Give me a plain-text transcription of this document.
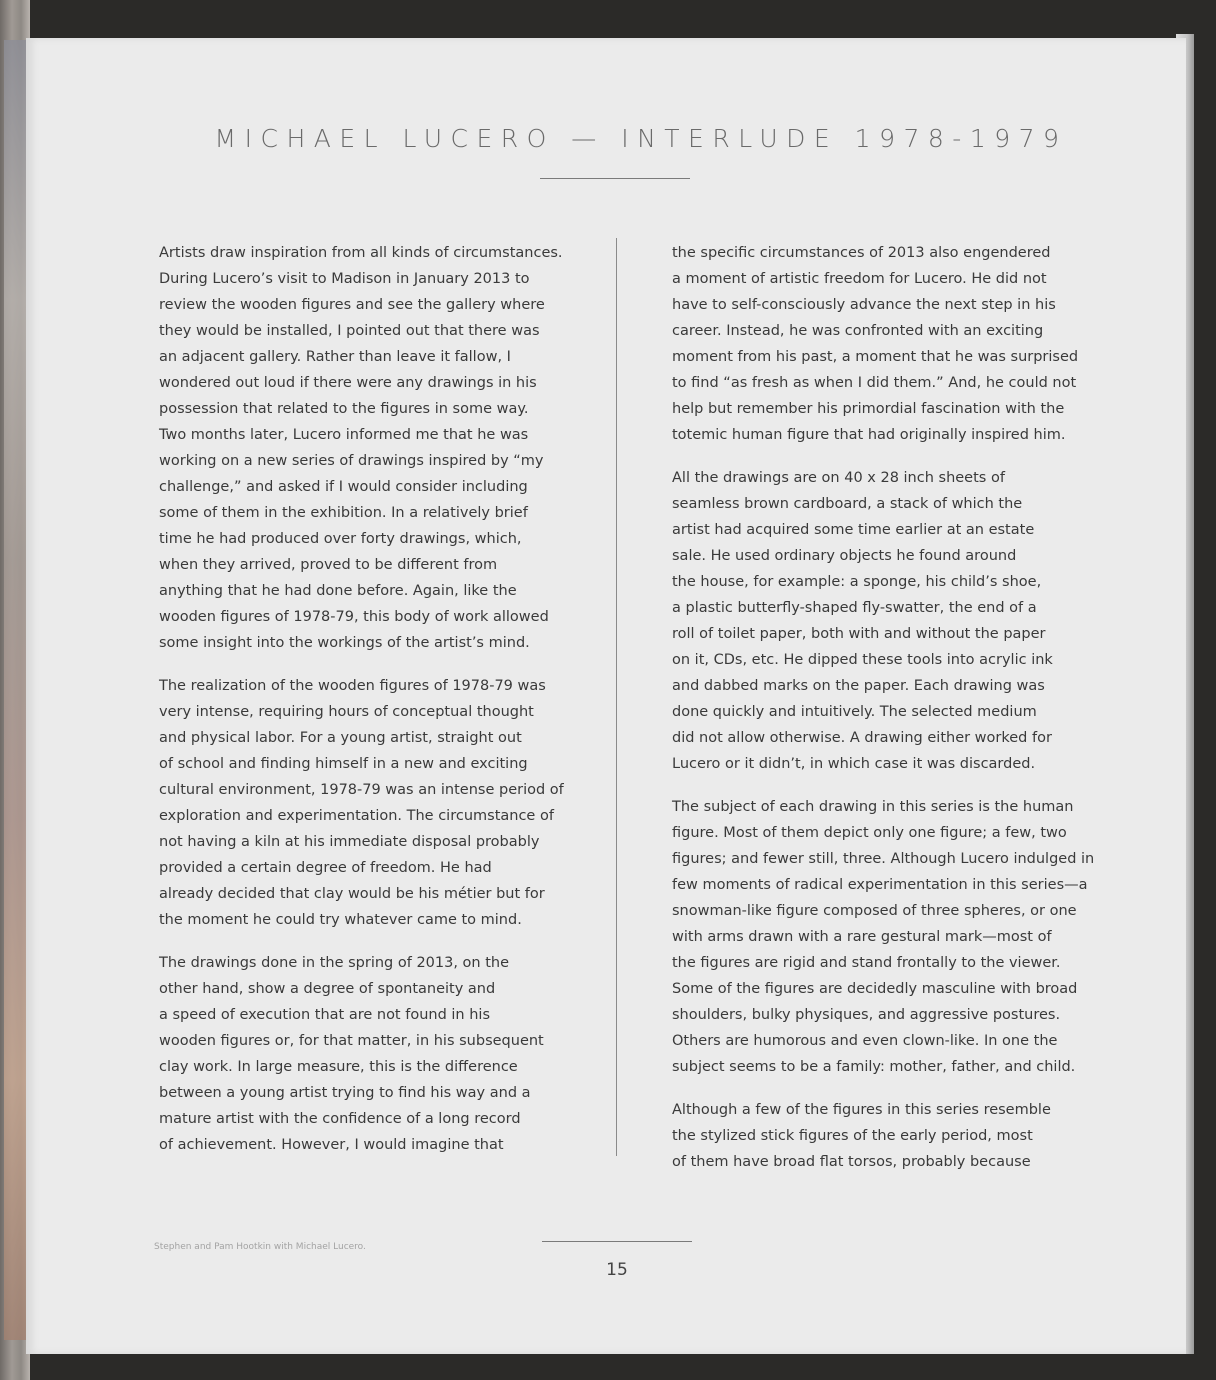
MICHAEL LUCERO — INTERLUDE 1978-1979
Artists draw inspiration from all kinds of circumstances.
During Lucero’s visit to Madison in January 2013 to
review the wooden figures and see the gallery where
they would be installed, I pointed out that there was
an adjacent gallery. Rather than leave it fallow, I
wondered out loud if there were any drawings in his
possession that related to the figures in some way.
Two months later, Lucero informed me that he was
working on a new series of drawings inspired by “my
challenge,” and asked if I would consider including
some of them in the exhibition. In a relatively brief
time he had produced over forty drawings, which,
when they arrived, proved to be different from
anything that he had done before. Again, like the
wooden figures of 1978-79, this body of work allowed
some insight into the workings of the artist’s mind.
The realization of the wooden figures of 1978-79 was
very intense, requiring hours of conceptual thought
and physical labor. For a young artist, straight out
of school and finding himself in a new and exciting
cultural environment, 1978-79 was an intense period of
exploration and experimentation. The circumstance of
not having a kiln at his immediate disposal probably
provided a certain degree of freedom. He had
already decided that clay would be his métier but for
the moment he could try whatever came to mind.
The drawings done in the spring of 2013, on the
other hand, show a degree of spontaneity and
a speed of execution that are not found in his
wooden figures or, for that matter, in his subsequent
clay work. In large measure, this is the difference
between a young artist trying to find his way and a
mature artist with the confidence of a long record
of achievement. However, I would imagine that
the specific circumstances of 2013 also engendered
a moment of artistic freedom for Lucero. He did not
have to self-consciously advance the next step in his
career. Instead, he was confronted with an exciting
moment from his past, a moment that he was surprised
to find “as fresh as when I did them.” And, he could not
help but remember his primordial fascination with the
totemic human figure that had originally inspired him.
All the drawings are on 40 x 28 inch sheets of
seamless brown cardboard, a stack of which the
artist had acquired some time earlier at an estate
sale. He used ordinary objects he found around
the house, for example: a sponge, his child’s shoe,
a plastic butterfly-shaped fly-swatter, the end of a
roll of toilet paper, both with and without the paper
on it, CDs, etc. He dipped these tools into acrylic ink
and dabbed marks on the paper. Each drawing was
done quickly and intuitively. The selected medium
did not allow otherwise. A drawing either worked for
Lucero or it didn’t, in which case it was discarded.
The subject of each drawing in this series is the human
figure. Most of them depict only one figure; a few, two
figures; and fewer still, three. Although Lucero indulged in
few moments of radical experimentation in this series—a
snowman-like figure composed of three spheres, or one
with arms drawn with a rare gestural mark—most of
the figures are rigid and stand frontally to the viewer.
Some of the figures are decidedly masculine with broad
shoulders, bulky physiques, and aggressive postures.
Others are humorous and even clown-like. In one the
subject seems to be a family: mother, father, and child.
Although a few of the figures in this series resemble
the stylized stick figures of the early period, most
of them have broad flat torsos, probably because
Stephen and Pam Hootkin with Michael Lucero.
15
